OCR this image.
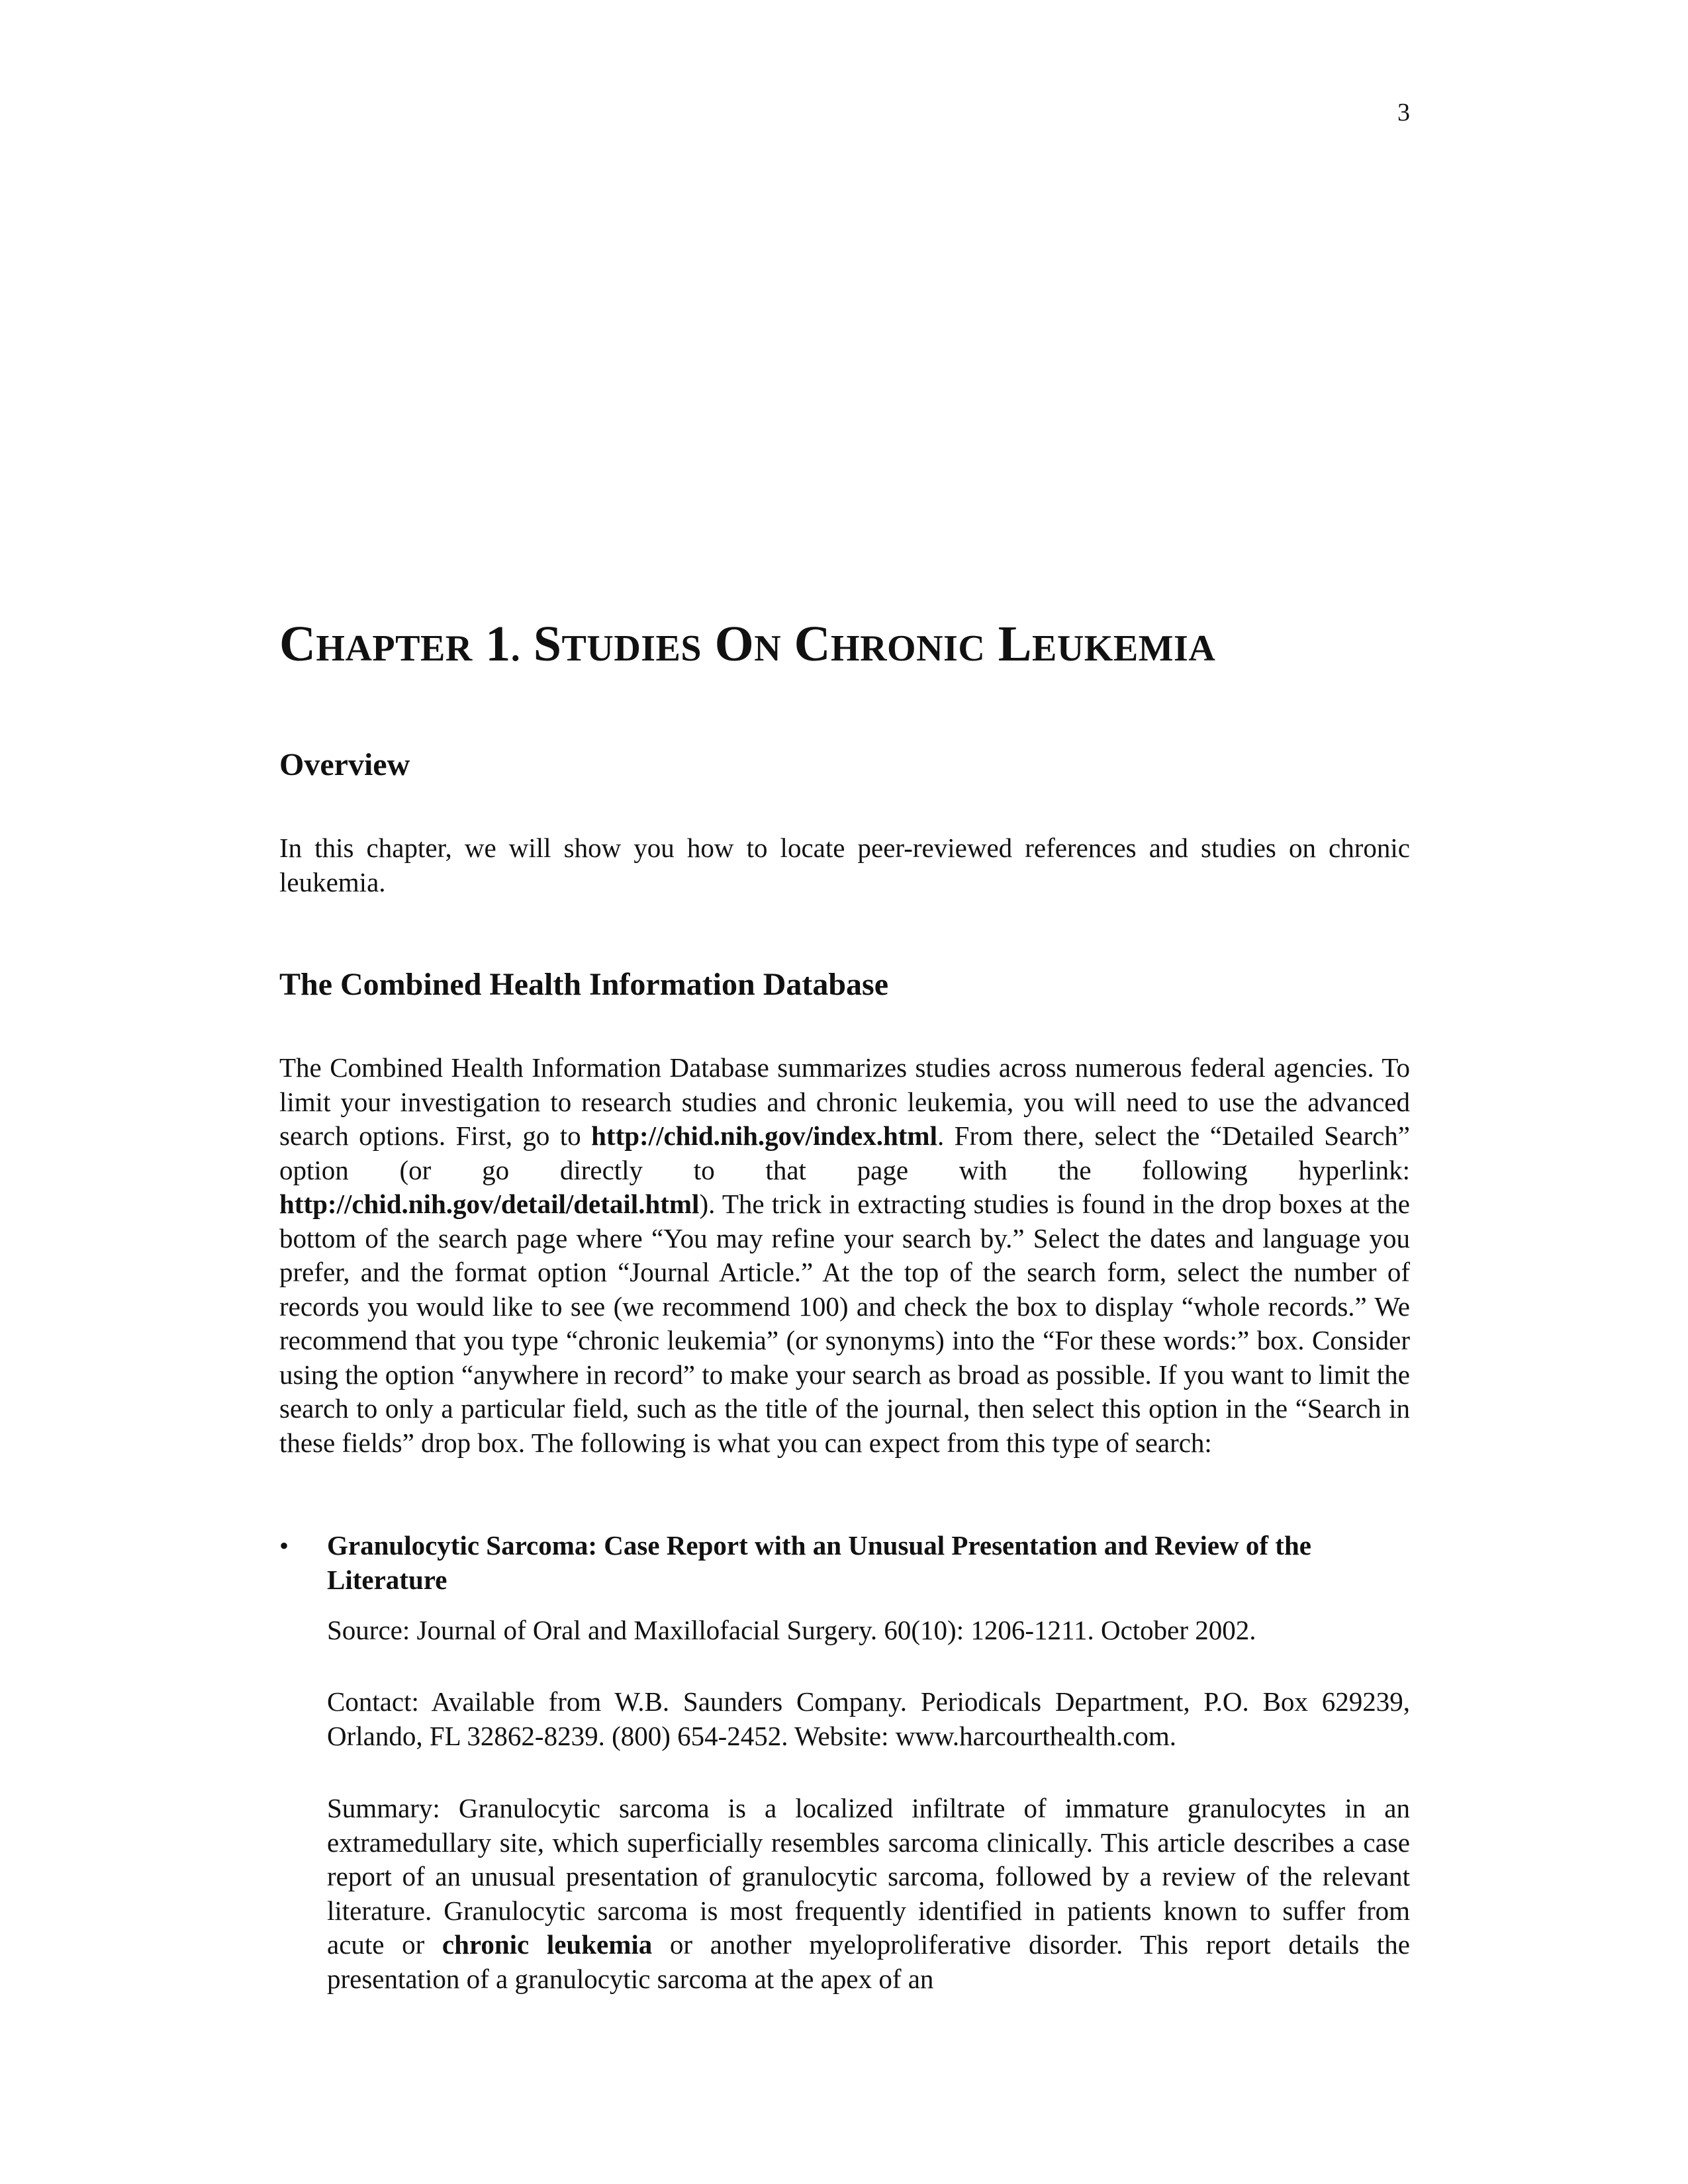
3
CHAPTER 1. STUDIES ON CHRONIC LEUKEMIA
Overview

In this chapter, we will show you how to locate peer-reviewed references and studies on chronic leukemia.

The Combined Health Information Database

The Combined Health Information Database summarizes studies across numerous federal agencies. To limit your investigation to research studies and chronic leukemia, you will need to use the advanced search options. First, go to http://chid.nih.gov/index.html. From there, select the “Detailed Search” option (or go directly to that page with the following hyperlink: http://chid.nih.gov/detail/detail.html). The trick in extracting studies is found in the drop boxes at the bottom of the search page where “You may refine your search by.” Select the dates and language you prefer, and the format option “Journal Article.” At the top of the search form, select the number of records you would like to see (we recommend 100) and check the box to display “whole records.” We recommend that you type “chronic leukemia” (or synonyms) into the “For these words:” box. Consider using the option “anywhere in record” to make your search as broad as possible. If you want to limit the search to only a particular field, such as the title of the journal, then select this option in the “Search in these fields” drop box. The following is what you can expect from this type of search:

• Granulocytic Sarcoma: Case Report with an Unusual Presentation and Review of the Literature

Source: Journal of Oral and Maxillofacial Surgery. 60(10): 1206-1211. October 2002.

Contact: Available from W.B. Saunders Company. Periodicals Department, P.O. Box 629239, Orlando, FL 32862-8239. (800) 654-2452. Website: www.harcourthealth.com.

Summary: Granulocytic sarcoma is a localized infiltrate of immature granulocytes in an extramedullary site, which superficially resembles sarcoma clinically. This article describes a case report of an unusual presentation of granulocytic sarcoma, followed by a review of the relevant literature. Granulocytic sarcoma is most frequently identified in patients known to suffer from acute or chronic leukemia or another myeloproliferative disorder. This report details the presentation of a granulocytic sarcoma at the apex of an
